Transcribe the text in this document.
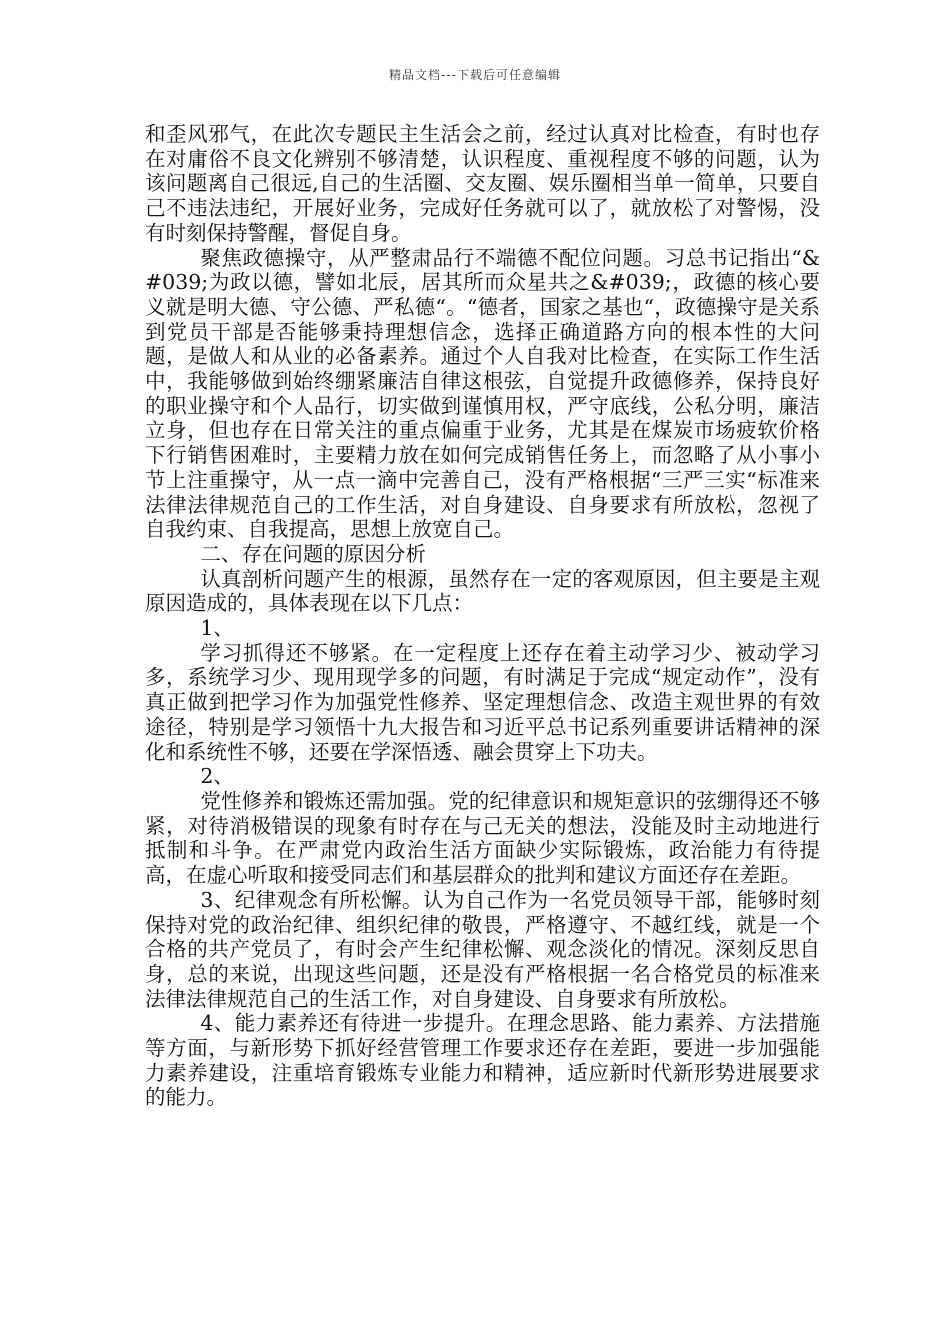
精品文档---下载后可任意编辑

和歪风邪气，在此次专题民主生活会之前，经过认真对比检查，有时也存在对庸俗不良文化辨别不够清楚，认识程度、重视程度不够的问题，认为该问题离自己很远,自己的生活圈、交友圈、娱乐圈相当单一简单，只要自己不违法违纪，开展好业务，完成好任务就可以了，就放松了对警惕，没有时刻保持警醒，督促自身。

聚焦政德操守，从严整肃品行不端德不配位问题。习总书记指出“&#039;为政以德，譬如北辰，居其所而众星共之&#039;，政德的核心要义就是明大德、守公德、严私德“。“德者，国家之基也“，政德操守是关系到党员干部是否能够秉持理想信念，选择正确道路方向的根本性的大问题，是做人和从业的必备素养。通过个人自我对比检查，在实际工作生活中，我能够做到始终绷紧廉洁自律这根弦，自觉提升政德修养，保持良好的职业操守和个人品行，切实做到谨慎用权，严守底线，公私分明，廉洁立身，但也存在日常关注的重点偏重于业务，尤其是在煤炭市场疲软价格下行销售困难时，主要精力放在如何完成销售任务上，而忽略了从小事小节上注重操守，从一点一滴中完善自己，没有严格根据“三严三实“标准来法律法律规范自己的工作生活，对自身建设、自身要求有所放松，忽视了自我约束、自我提高，思想上放宽自己。

二、存在问题的原因分析

认真剖析问题产生的根源，虽然存在一定的客观原因，但主要是主观原因造成的，具体表现在以下几点：

1、

学习抓得还不够紧。在一定程度上还存在着主动学习少、被动学习多，系统学习少、现用现学多的问题，有时满足于完成“规定动作”，没有真正做到把学习作为加强党性修养、坚定理想信念、改造主观世界的有效途径，特别是学习领悟十九大报告和习近平总书记系列重要讲话精神的深化和系统性不够，还要在学深悟透、融会贯穿上下功夫。

2、

党性修养和锻炼还需加强。党的纪律意识和规矩意识的弦绷得还不够紧，对待消极错误的现象有时存在与己无关的想法，没能及时主动地进行抵制和斗争。在严肃党内政治生活方面缺少实际锻炼，政治能力有待提高，在虚心听取和接受同志们和基层群众的批判和建议方面还存在差距。

3、纪律观念有所松懈。认为自己作为一名党员领导干部，能够时刻保持对党的政治纪律、组织纪律的敬畏，严格遵守、不越红线，就是一个合格的共产党员了，有时会产生纪律松懈、观念淡化的情况。深刻反思自身，总的来说，出现这些问题，还是没有严格根据一名合格党员的标准来法律法律规范自己的生活工作，对自身建设、自身要求有所放松。

4、能力素养还有待进一步提升。在理念思路、能力素养、方法措施等方面，与新形势下抓好经营管理工作要求还存在差距，要进一步加强能力素养建设，注重培育锻炼专业能力和精神，适应新时代新形势进展要求的能力。
